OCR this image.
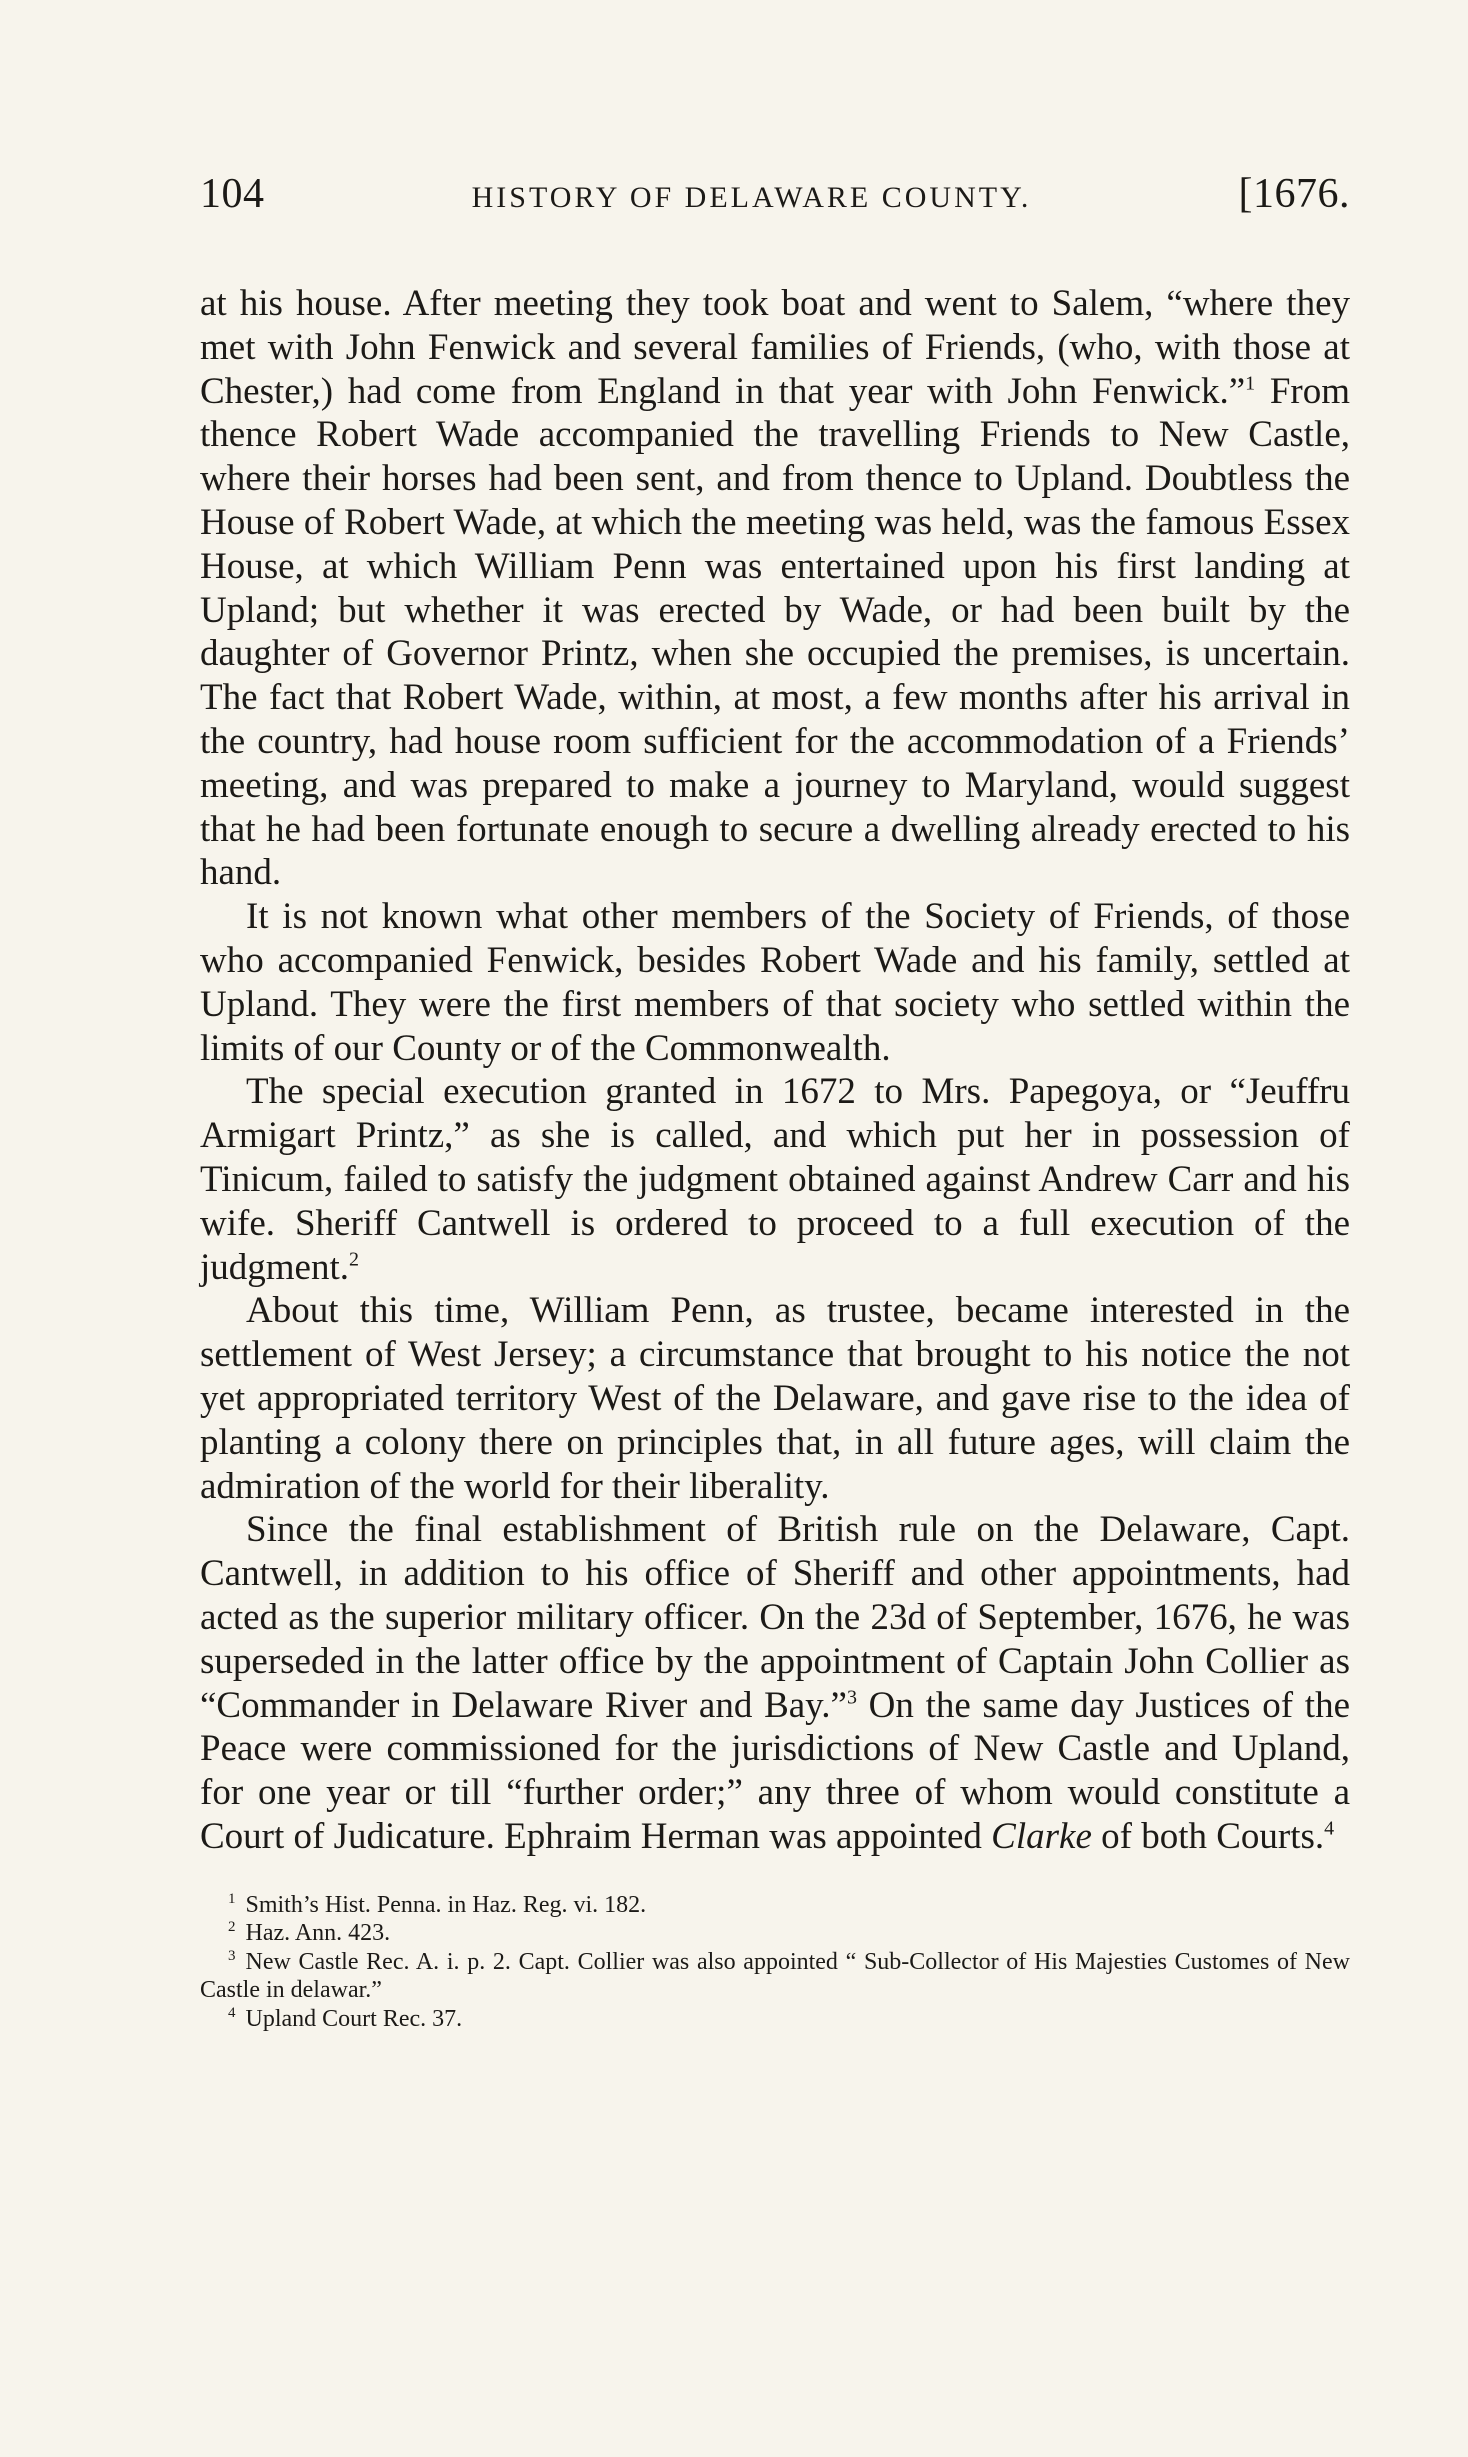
104	HISTORY OF DELAWARE COUNTY.	[1676.

at his house. After meeting they took boat and went to Salem, “where they met with John Fenwick and several families of Friends, (who, with those at Chester,) had come from England in that year with John Fenwick.”$^1$ From thence Robert Wade accompanied the travelling Friends to New Castle, where their horses had been sent, and from thence to Upland. Doubtless the House of Robert Wade, at which the meeting was held, was the famous Essex House, at which William Penn was entertained upon his first landing at Upland; but whether it was erected by Wade, or had been built by the daughter of Governor Printz, when she occupied the premises, is uncertain. The fact that Robert Wade, within, at most, a few months after his arrival in the country, had house room sufficient for the accommodation of a Friends’ meeting, and was prepared to make a journey to Maryland, would suggest that he had been fortunate enough to secure a dwelling already erected to his hand.

It is not known what other members of the Society of Friends, of those who accompanied Fenwick, besides Robert Wade and his family, settled at Upland. They were the first members of that society who settled within the limits of our County or of the Commonwealth.

The special execution granted in 1672 to Mrs. Papegoya, or “Jeuffru Armigart Printz,” as she is called, and which put her in possession of Tinicum, failed to satisfy the judgment obtained against Andrew Carr and his wife. Sheriff Cantwell is ordered to proceed to a full execution of the judgment.$^2$

About this time, William Penn, as trustee, became interested in the settlement of West Jersey; a circumstance that brought to his notice the not yet appropriated territory West of the Delaware, and gave rise to the idea of planting a colony there on principles that, in all future ages, will claim the admiration of the world for their liberality.

Since the final establishment of British rule on the Delaware, Capt. Cantwell, in addition to his office of Sheriff and other appointments, had acted as the superior military officer. On the 23d of September, 1676, he was superseded in the latter office by the appointment of Captain John Collier as “Commander in Delaware River and Bay.”$^3$ On the same day Justices of the Peace were commissioned for the jurisdictions of New Castle and Upland, for one year or till “further order;” any three of whom would constitute a Court of Judicature. Ephraim Herman was appointed Clarke of both Courts.$^4$

$^1$ Smith’s Hist. Penna. in Haz. Reg. vi. 182.

$^2$ Haz. Ann. 423.

$^3$ New Castle Rec. A. i. p. 2. Capt. Collier was also appointed “ Sub-Collector of His Majesties Customes of New Castle in delawar.”

$^4$ Upland Court Rec. 37.
